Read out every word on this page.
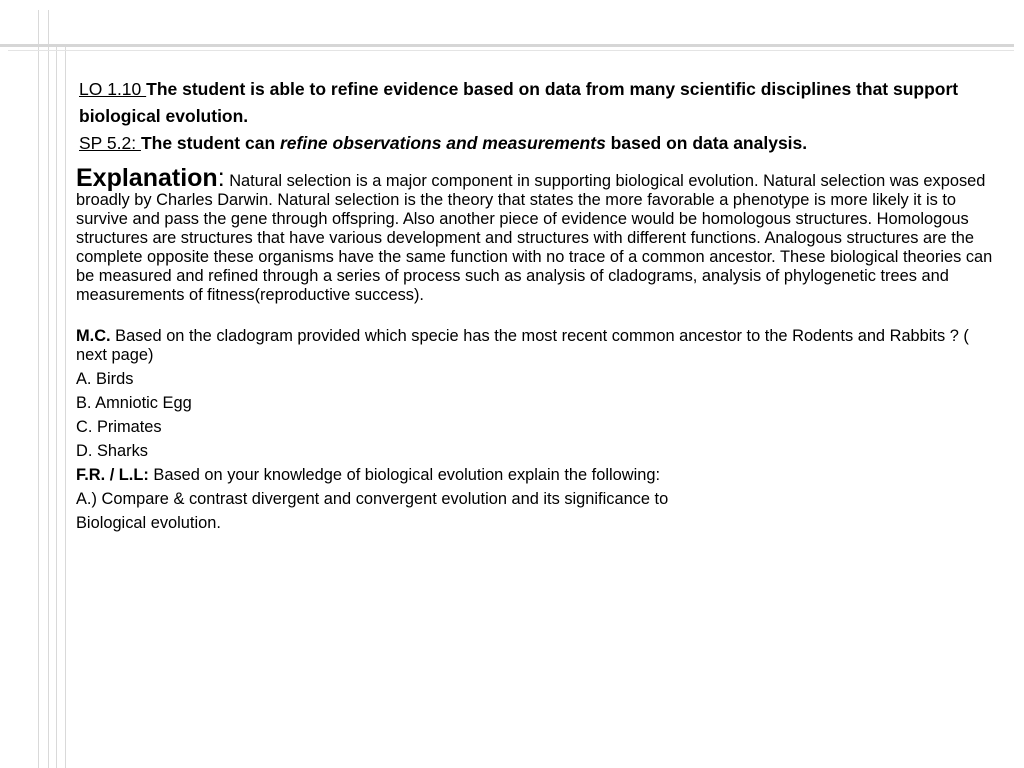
LO 1.10 The student is able to refine evidence based on data from many scientific disciplines that support biological evolution.
SP 5.2: The student can refine observations and measurements based on data analysis.
Explanation: Natural selection is a major component in supporting biological evolution. Natural selection was exposed broadly by Charles Darwin. Natural selection is the theory that states the more favorable a phenotype is more likely it is to survive and pass the gene through offspring. Also another piece of evidence would be homologous structures. Homologous structures are structures that have various development and structures with different functions. Analogous structures are the complete opposite these organisms have the same function with no trace of a common ancestor. These biological theories can be measured and refined through a series of process such as analysis of cladograms, analysis of phylogenetic trees and measurements of fitness(reproductive success).
M.C. Based on the cladogram provided which specie has the most recent common ancestor to the Rodents and Rabbits ? ( next page)
A. Birds
B. Amniotic Egg
C. Primates
D. Sharks
F.R. / L.L: Based on your knowledge of biological evolution explain the following:
A.) Compare & contrast divergent and convergent evolution and its significance to
Biological evolution.
